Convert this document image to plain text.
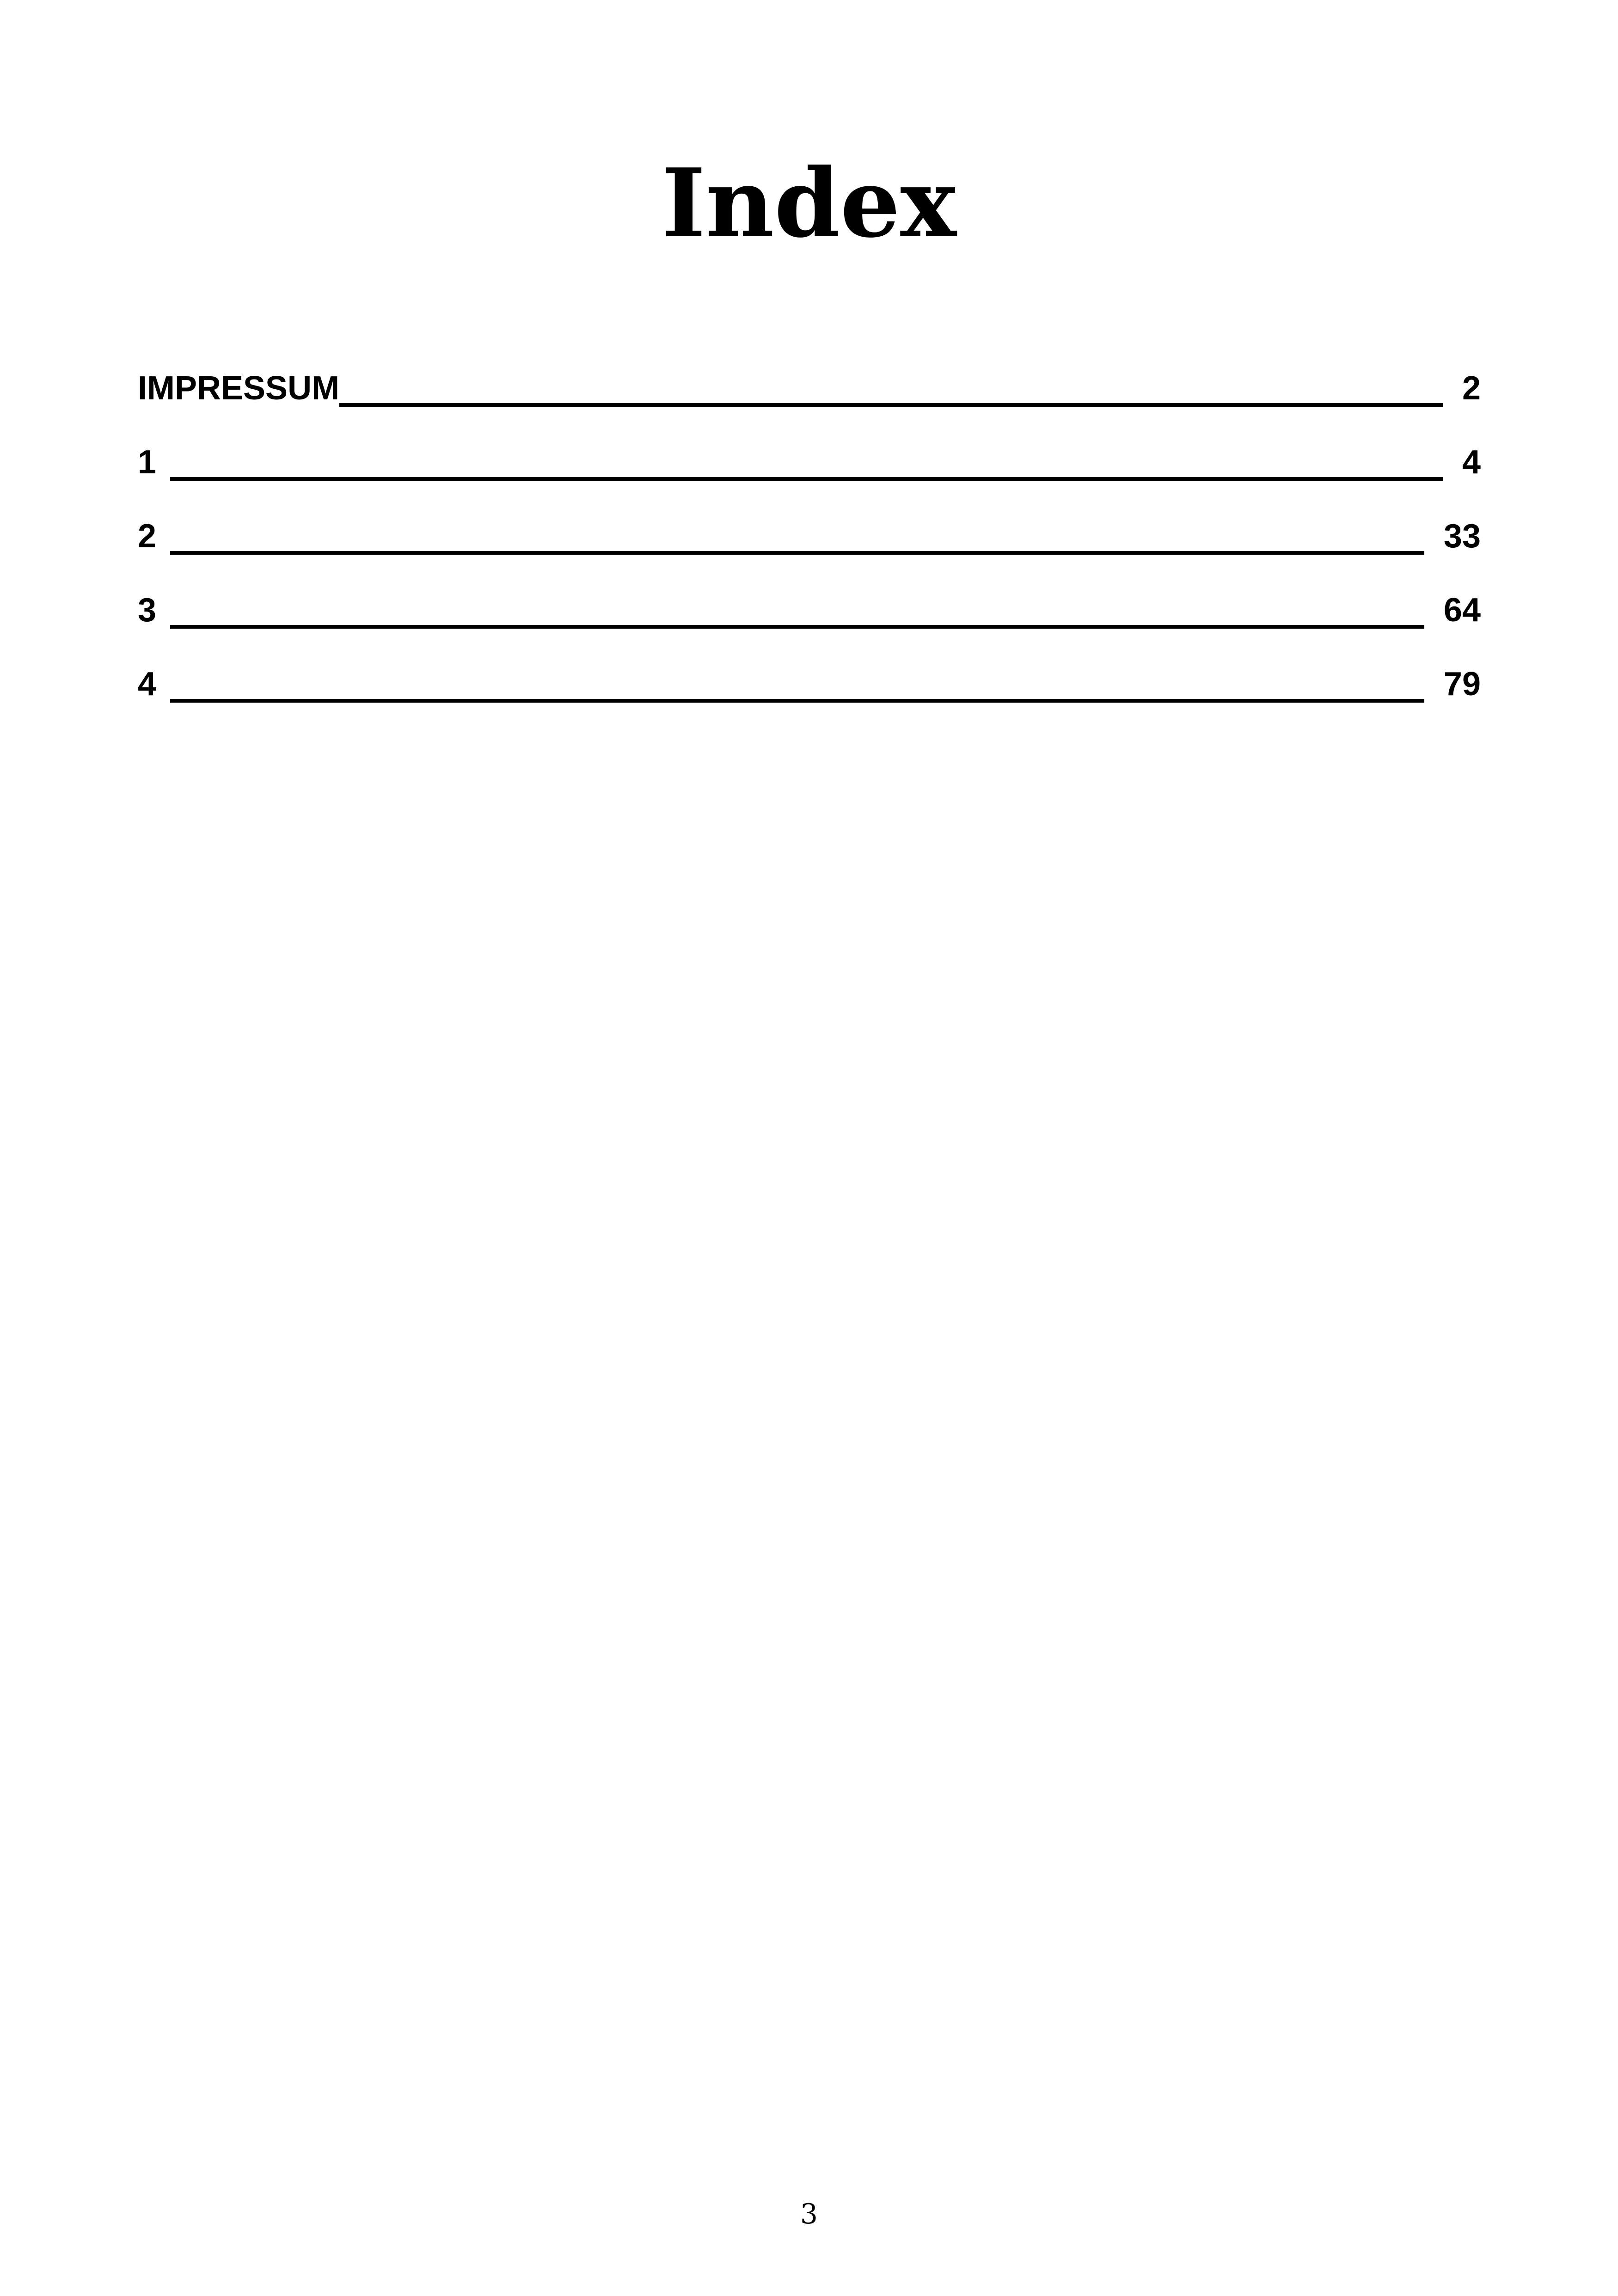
Index
IMPRESSUM	2
1	4
2	33
3	64
4	79
3
